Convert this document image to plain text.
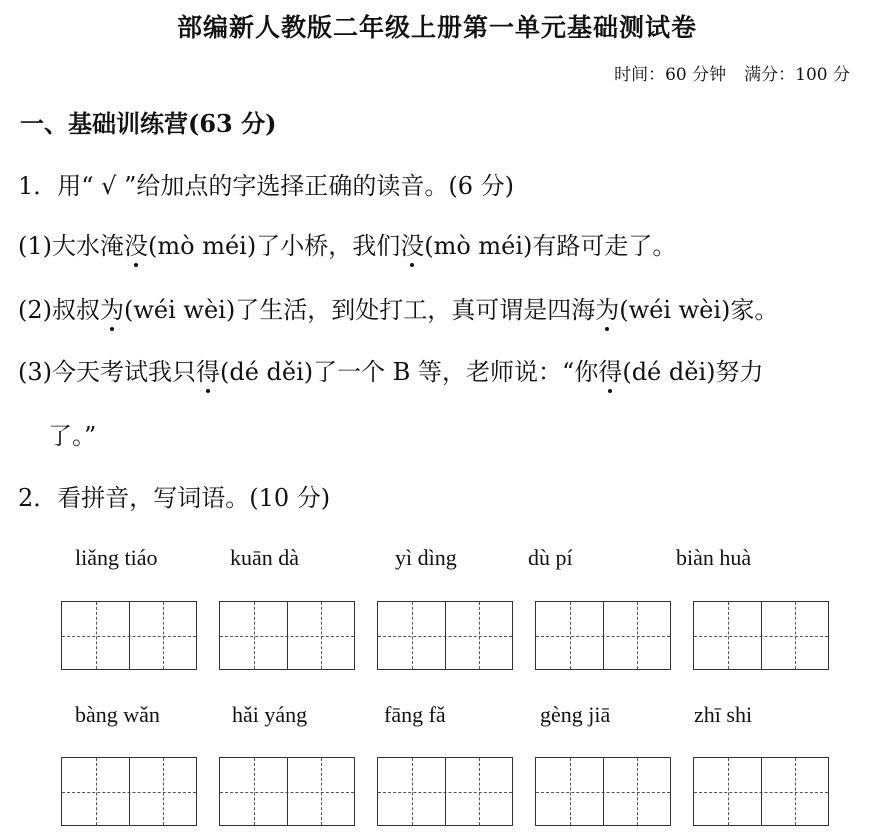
部编新人教版二年级上册第一单元基础测试卷
时间：60 分钟 满分：100 分
一、基础训练营(63 分)
1．用“ √ ”给加点的字选择正确的读音。(6 分)
(1)大水淹没(mò méi)了小桥，我们没(mò méi)有路可走了。
(2)叔叔为(wéi wèi)了生活，到处打工，真可谓是四海为(wéi wèi)家。
(3)今天考试我只得(dé děi)了一个 B 等，老师说：“你得(dé děi)努力
了。”
2．看拼音，写词语。(10 分)
liǎng tiáo	kuān dà	yì dìng	dù pí	biàn huà
bàng wǎn	hǎi yáng	fāng fǎ	gèng jiā	zhī shi
